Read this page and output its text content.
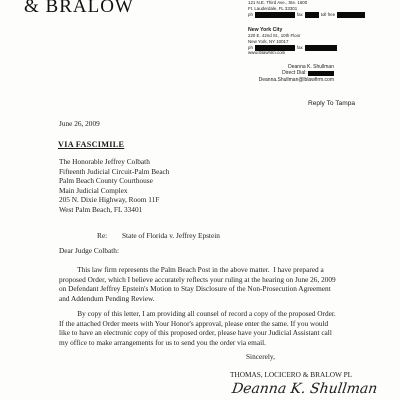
& BRALOW	121 N.E. Third Ave., Ste. 1600
Ft. Lauderdale, FL 33301
ph	fax	toll free
New York City
220 E. 42nd St., 10th Floor
New York, NY 10017
ph	fax
www.lblawfirm.com
Deanna K. Shullman
Direct Dial:
Deanna.Shullman@lblawfirm.com
Reply To Tampa
June 26, 2009
VIA FASCIMILE
The Honorable Jeffrey Colbath
Fifteenth Judicial Circuit-Palm Beach
Palm Beach County Courthouse
Main Judicial Complex
205 N. Dixie Highway, Room 11F
West Palm Beach, FL 33401
Re: State of Florida v. Jeffrey Epstein
Dear Judge Colbath:
This law firm represents the Palm Beach Post in the above matter.  I have prepared a
proposed Order, which I believe accurately reflects your ruling at the hearing on June 26, 2009
on Defendant Jeffrey Epstein's Motion to Stay Disclosure of the Non-Prosecution Agreement
and Addendum Pending Review.
By copy of this letter, I am providing all counsel of record a copy of the proposed Order.
If the attached Order meets with Your Honor's approval, please enter the same. If you would
like to have an electronic copy of this proposed order, please have your Judicial Assistant call
my office to make arrangements for us to send you the order via email.
Sincerely,
THOMAS, LOCICERO & BRALOW PL
Deanna K. Shullman
